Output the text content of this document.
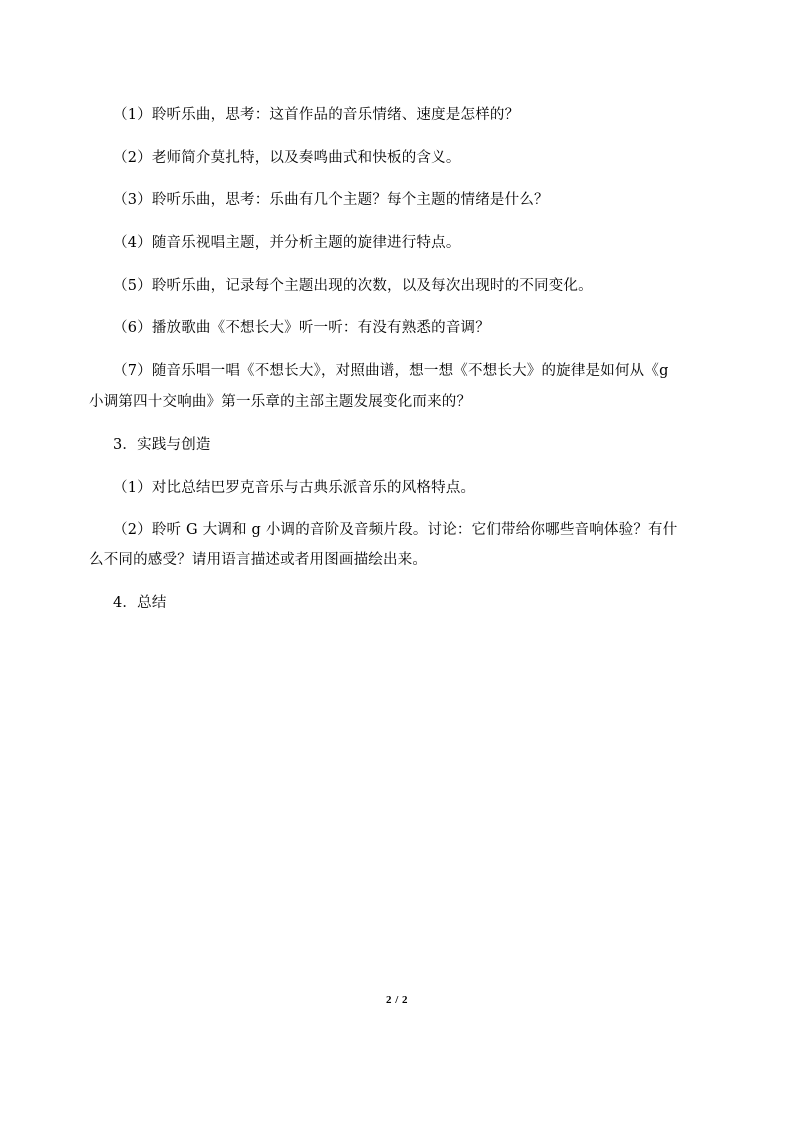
（1）聆听乐曲，思考：这首作品的音乐情绪、速度是怎样的？
（2）老师简介莫扎特，以及奏鸣曲式和快板的含义。
（3）聆听乐曲，思考：乐曲有几个主题？每个主题的情绪是什么？
（4）随音乐视唱主题，并分析主题的旋律进行特点。
（5）聆听乐曲，记录每个主题出现的次数，以及每次出现时的不同变化。
（6）播放歌曲《不想长大》听一听：有没有熟悉的音调？
（7）随音乐唱一唱《不想长大》，对照曲谱，想一想《不想长大》的旋律是如何从《g
小调第四十交响曲》第一乐章的主部主题发展变化而来的？
3．实践与创造
（1）对比总结巴罗克音乐与古典乐派音乐的风格特点。
（2）聆听 G 大调和 g 小调的音阶及音频片段。讨论：它们带给你哪些音响体验？有什
么不同的感受？请用语言描述或者用图画描绘出来。
4．总结
2 / 2
